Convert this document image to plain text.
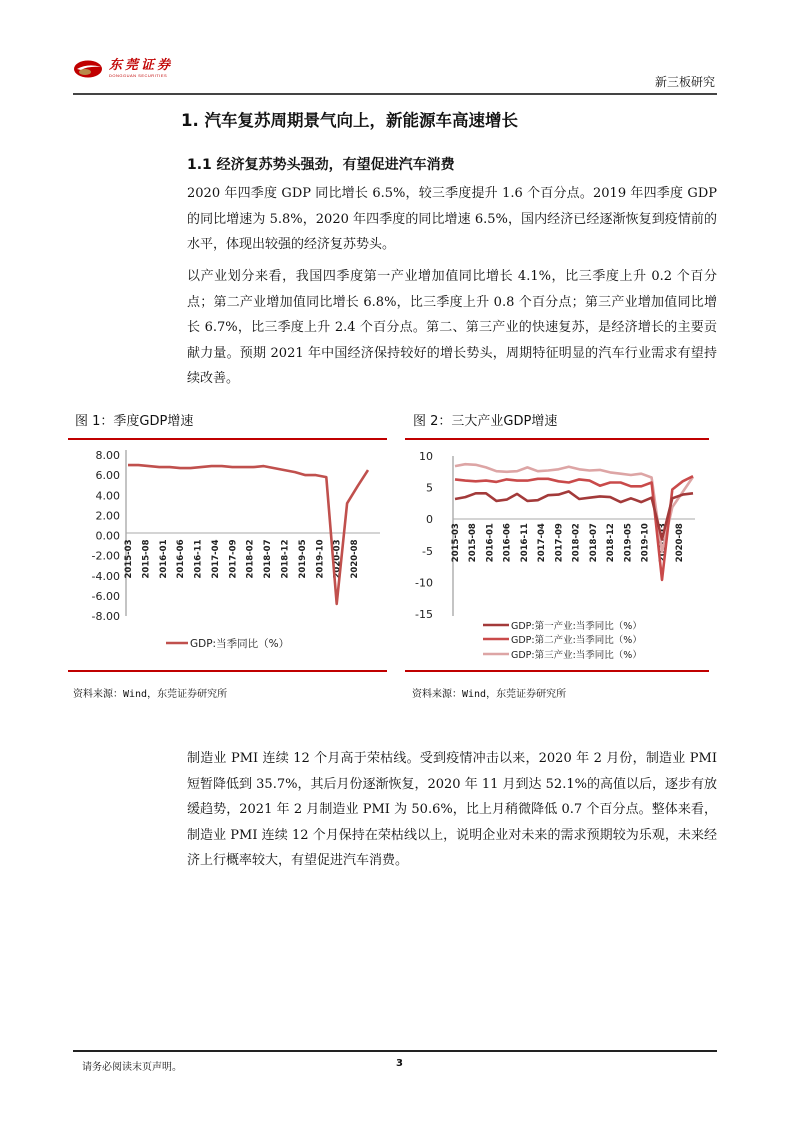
东莞证券
DONGGUAN SECURITIES	新三板研究
1. 汽车复苏周期景气向上，新能源车高速增长
1.1 经济复苏势头强劲，有望促进汽车消费

2020 年四季度 GDP 同比增长 6.5%，较三季度提升 1.6 个百分点。2019 年四季度 GDP 的同比增速为 5.8%，2020 年四季度的同比增速 6.5%，国内经济已经逐渐恢复到疫情前的水平，体现出较强的经济复苏势头。

以产业划分来看，我国四季度第一产业增加值同比增长 4.1%，比三季度上升 0.2 个百分点；第二产业增加值同比增长 6.8%，比三季度上升 0.8 个百分点；第三产业增加值同比增长 6.7%，比三季度上升 2.4 个百分点。第二、第三产业的快速复苏，是经济增长的主要贡献力量。预期 2021 年中国经济保持较好的增长势头，周期特征明显的汽车行业需求有望持续改善。

图 1：季度GDP增速
8.00
6.00
4.00
2.00
0.00
-2.00
-4.00
-6.00
-8.00
2015-03 2015-08 2016-01 2016-06 2016-11 2017-04 2017-09 2018-02 2018-07 2018-12 2019-05 2019-10 2020-03 2020-08
GDP:当季同比（%）
资料来源：Wind，东莞证券研究所
图 2：三大产业GDP增速
10
5
0
-5
-10
-15
2015-03 2015-08 2016-01 2016-06 2016-11 2017-04 2017-09 2018-02 2018-07 2018-12 2019-05 2019-10 2020-03 2020-08
GDP:第一产业:当季同比（%）
GDP:第二产业:当季同比（%）
GDP:第三产业:当季同比（%）
资料来源：Wind，东莞证券研究所

制造业 PMI 连续 12 个月高于荣枯线。受到疫情冲击以来，2020 年 2 月份，制造业 PMI 短暂降低到 35.7%，其后月份逐渐恢复，2020 年 11 月到达 52.1%的高值以后，逐步有放缓趋势，2021 年 2 月制造业 PMI 为 50.6%，比上月稍微降低 0.7 个百分点。整体来看，制造业 PMI 连续 12 个月保持在荣枯线以上，说明企业对未来的需求预期较为乐观，未来经济上行概率较大，有望促进汽车消费。

请务必阅读末页声明。	3
